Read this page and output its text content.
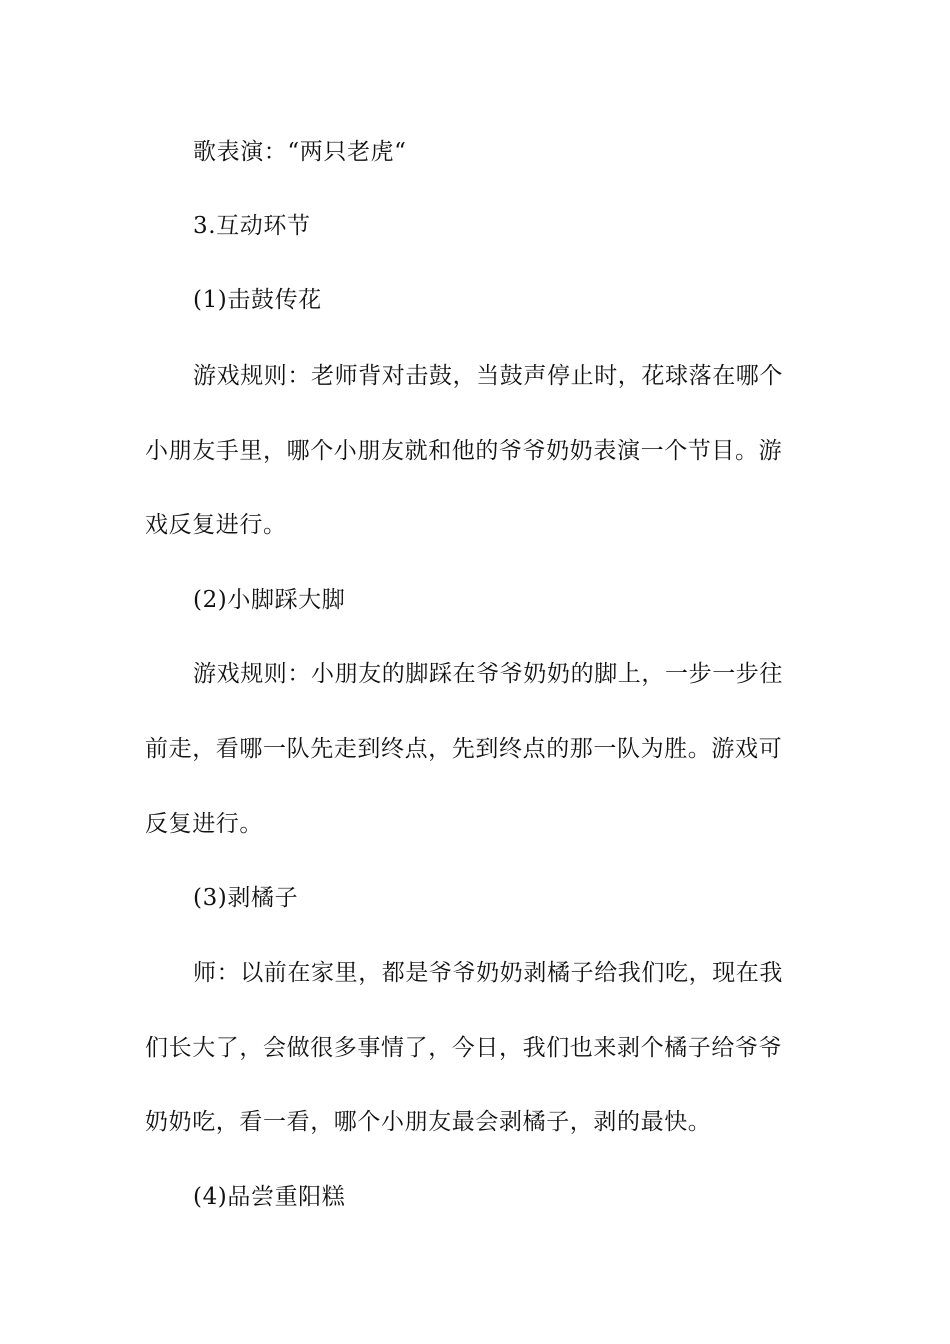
歌表演：“两只老虎“
3.互动环节
(1)击鼓传花
游戏规则：老师背对击鼓，当鼓声停止时，花球落在哪个
小朋友手里，哪个小朋友就和他的爷爷奶奶表演一个节目。游
戏反复进行。
(2)小脚踩大脚
游戏规则：小朋友的脚踩在爷爷奶奶的脚上，一步一步往
前走，看哪一队先走到终点，先到终点的那一队为胜。游戏可
反复进行。
(3)剥橘子
师：以前在家里，都是爷爷奶奶剥橘子给我们吃，现在我
们长大了，会做很多事情了，今日，我们也来剥个橘子给爷爷
奶奶吃，看一看，哪个小朋友最会剥橘子，剥的最快。
(4)品尝重阳糕
